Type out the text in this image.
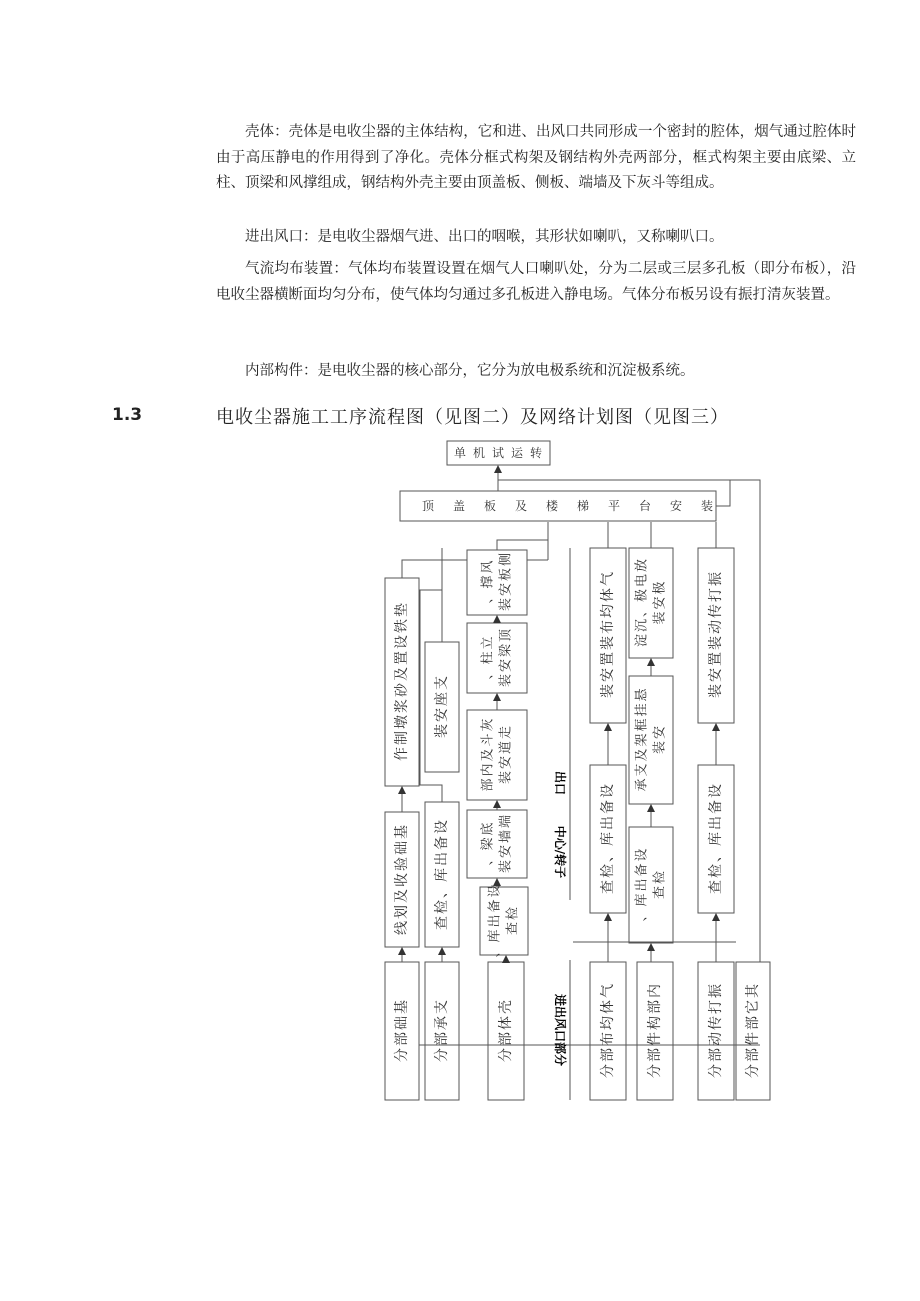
壳体：壳体是电收尘器的主体结构，它和进、出风口共同形成一个密封的腔体，烟气通过腔体时由于高压静电的作用得到了净化。壳体分框式构架及钢结构外壳两部分，框式构架主要由底梁、立柱、顶梁和风撑组成，钢结构外壳主要由顶盖板、侧板、端墙及下灰斗等组成。

进出风口：是电收尘器烟气进、出口的咽喉，其形状如喇叭，又称喇叭口。

气流均布装置：气体均布装置设置在烟气人口喇叭处，分为二层或三层多孔板（即分布板），沿电收尘器横断面均匀分布，使气体均匀通过多孔板进入静电场。气体分布板另设有振打清灰装置。

内部构件：是电收尘器的核心部分，它分为放电极系统和沉淀极系统。

1.3	电收尘器施工工序流程图（见图二）及网络计划图（见图三）
单 机 试 运 转
顶 盖 板 及 楼 梯 平 台 安 装
基
础
部
分
支
承
部
分
壳
体
部
分
气
体
均
布
部
分
内
部
构
件
部
分
振
打
传
动
部
分
其
它
部
件
部
分
基
础
验
收
及
划
线
垫
铁
设
置
及
砂
浆
墩
制
作
设
备
出
库
、
检
查
支
座
安
装
设
备
出
库
、
检
查
底
梁
、
端
墙
安
装
灰
斗
及
内
部
走
道
安
装
立
柱
、
顶
梁
安
装
风
撑
、
侧
板
安
装
设
备
出
库
、
检
查
气
体
均
布
装
置
安
装
设
备
出
库
、
检
查
悬
挂
框
架
及
支
承
安
装
放
电
极
、
沉
淀
极
安
装
设
备
出
库
、
检
查
振
打
传
动
装
置
安
装
进出风口部分
出口
中心/转子
